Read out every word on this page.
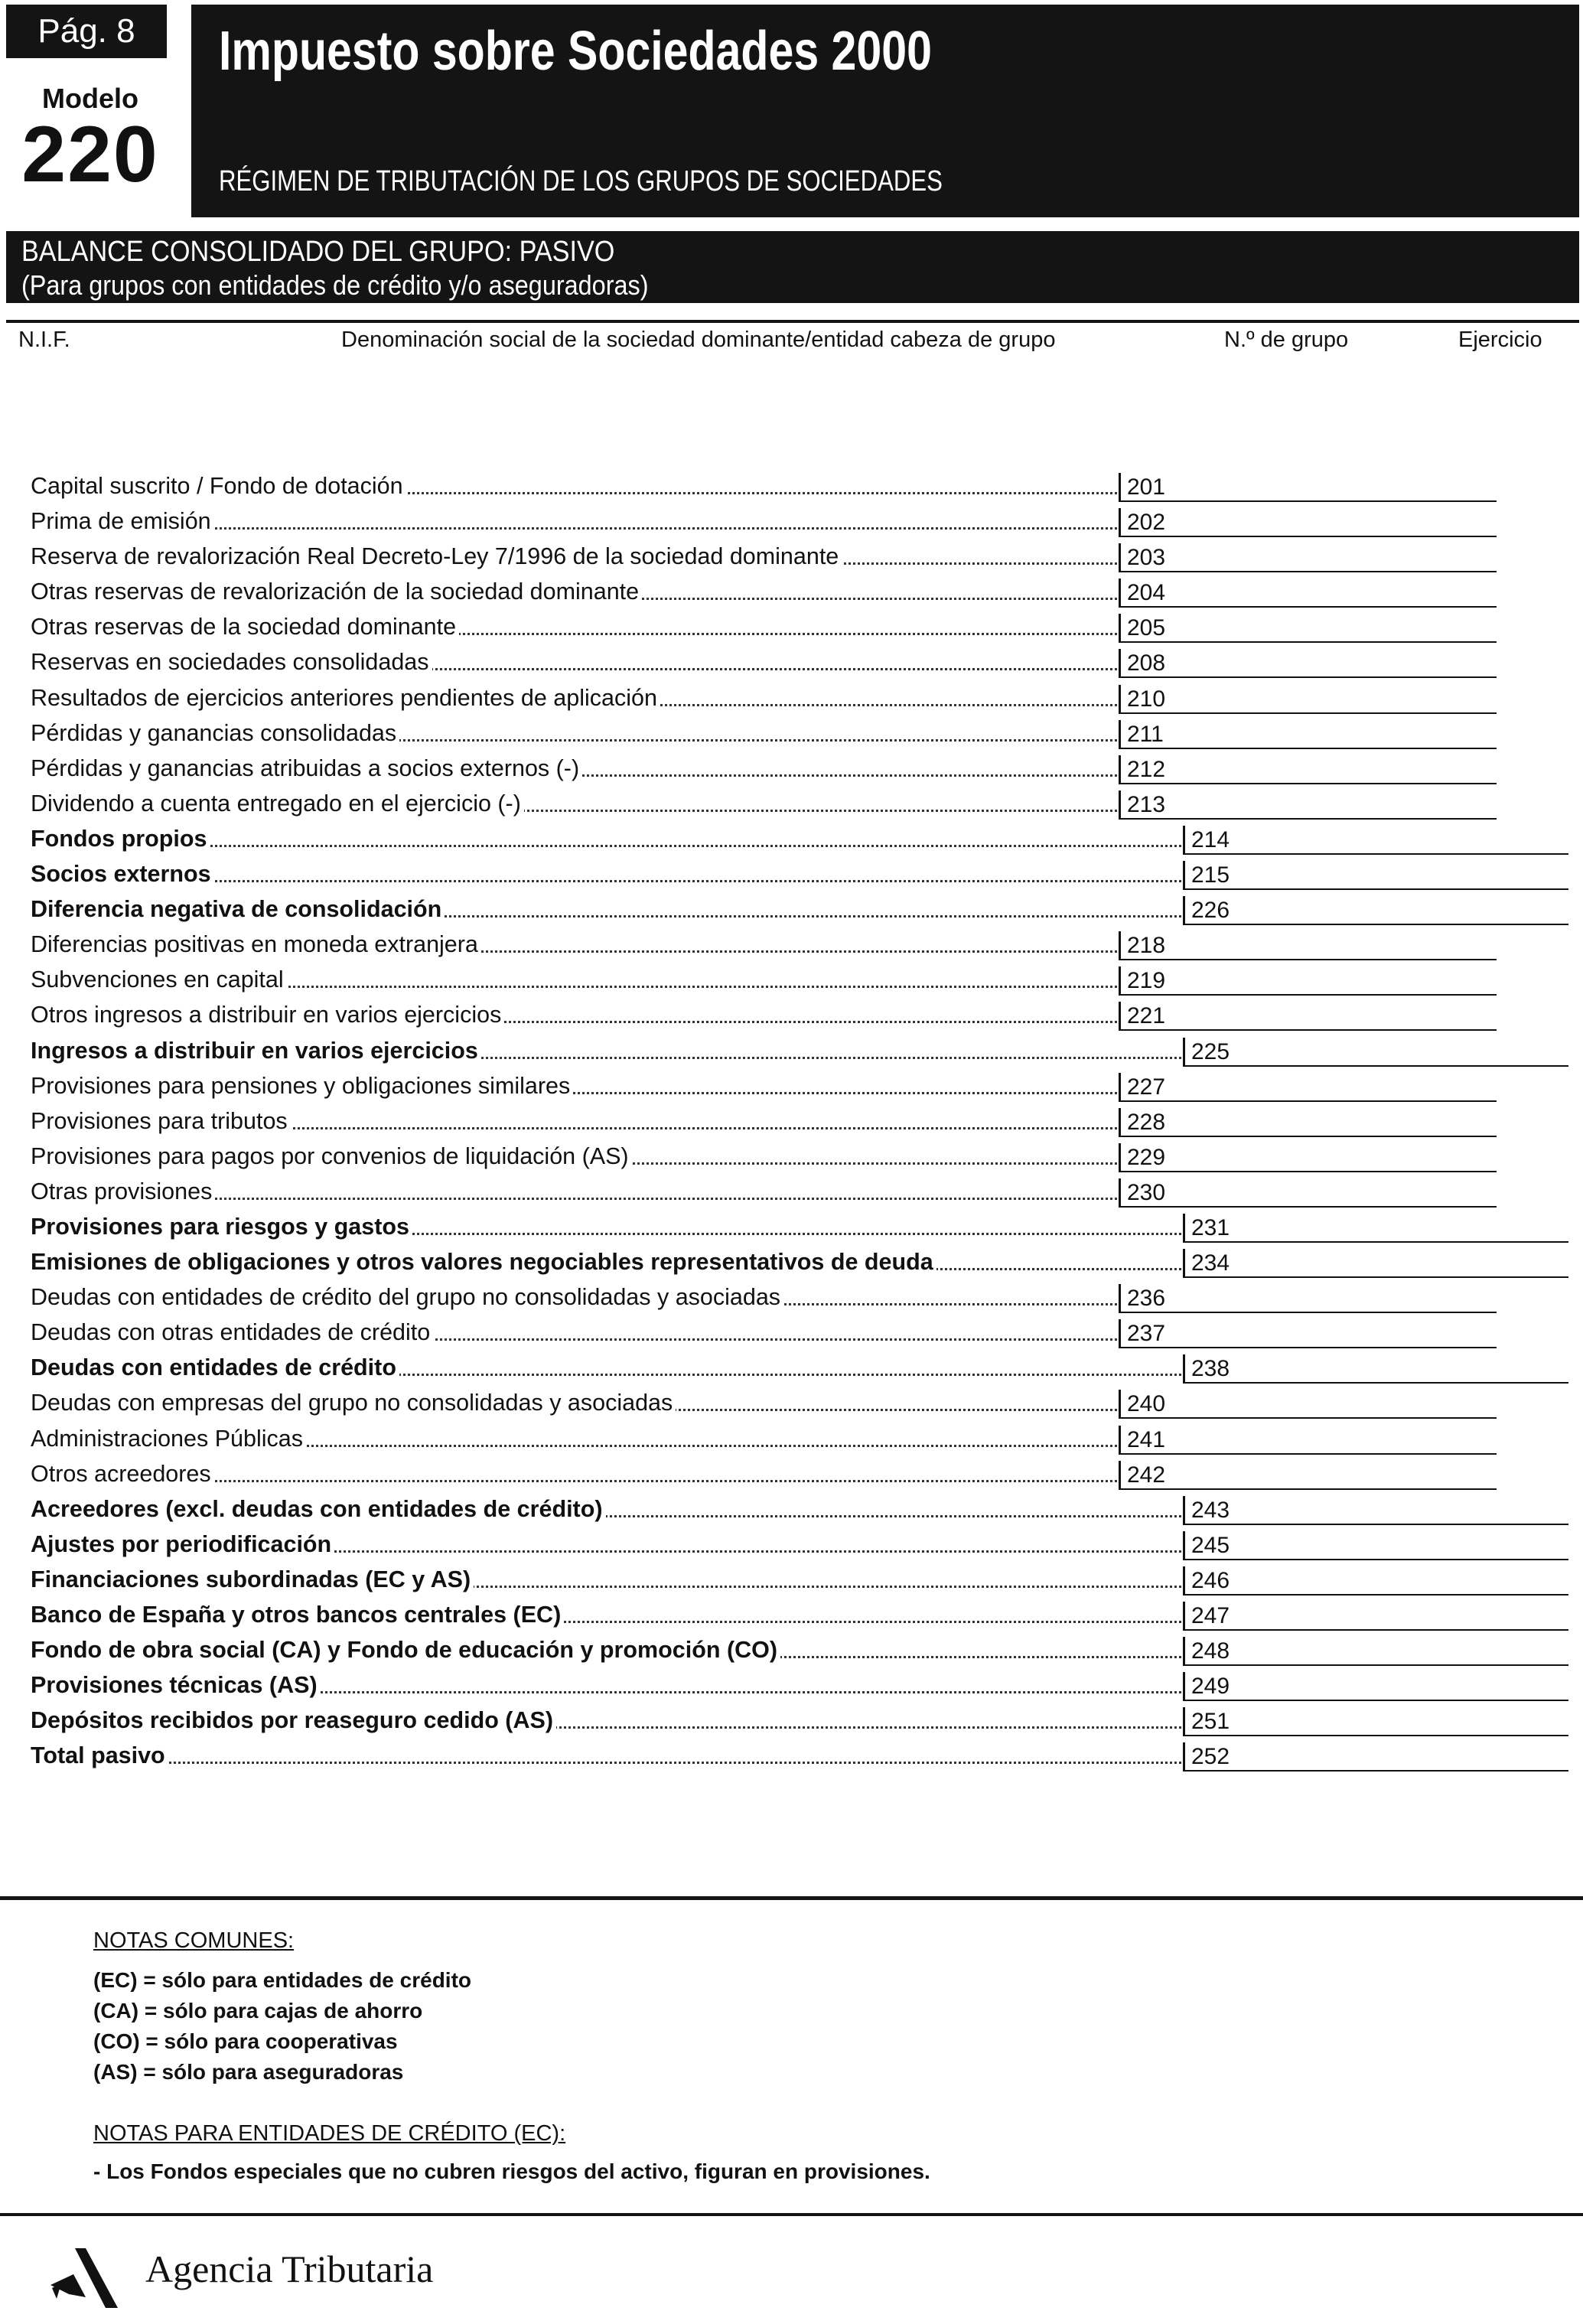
Pág. 8
Modelo
220
Impuesto sobre Sociedades 2000
RÉGIMEN DE TRIBUTACIÓN DE LOS GRUPOS DE SOCIEDADES
BALANCE CONSOLIDADO DEL GRUPO: PASIVO
(Para grupos con entidades de crédito y/o aseguradoras)
N.I.F.	Denominación social de la sociedad dominante/entidad cabeza de grupo	N.º de grupo	Ejercicio
Capital suscrito / Fondo de dotación	201
Prima de emisión	202
Reserva de revalorización Real Decreto-Ley 7/1996 de la sociedad dominante	203
Otras reservas de revalorización de la sociedad dominante	204
Otras reservas de la sociedad dominante	205
Reservas en sociedades consolidadas	208
Resultados de ejercicios anteriores pendientes de aplicación	210
Pérdidas y ganancias consolidadas	211
Pérdidas y ganancias atribuidas a socios externos (-)	212
Dividendo a cuenta entregado en el ejercicio (-)	213
Fondos propios	214
Socios externos	215
Diferencia negativa de consolidación	226
Diferencias positivas en moneda extranjera	218
Subvenciones en capital	219
Otros ingresos a distribuir en varios ejercicios	221
Ingresos a distribuir en varios ejercicios	225
Provisiones para pensiones y obligaciones similares	227
Provisiones para tributos	228
Provisiones para pagos por convenios de liquidación (AS)	229
Otras provisiones	230
Provisiones para riesgos y gastos	231
Emisiones de obligaciones y otros valores negociables representativos de deuda	234
Deudas con entidades de crédito del grupo no consolidadas y asociadas	236
Deudas con otras entidades de crédito	237
Deudas con entidades de crédito	238
Deudas con empresas del grupo no consolidadas y asociadas	240
Administraciones Públicas	241
Otros acreedores	242
Acreedores (excl. deudas con entidades de crédito)	243
Ajustes por periodificación	245
Financiaciones subordinadas (EC y AS)	246
Banco de España y otros bancos centrales (EC)	247
Fondo de obra social (CA) y Fondo de educación y promoción (CO)	248
Provisiones técnicas (AS)	249
Depósitos recibidos por reaseguro cedido (AS)	251
Total pasivo	252
NOTAS COMUNES:
(EC) = sólo para entidades de crédito
(CA) = sólo para cajas de ahorro
(CO) = sólo para cooperativas
(AS) = sólo para aseguradoras
NOTAS PARA ENTIDADES DE CRÉDITO (EC):
- Los Fondos especiales que no cubren riesgos del activo, figuran en provisiones.
Agencia Tributaria
